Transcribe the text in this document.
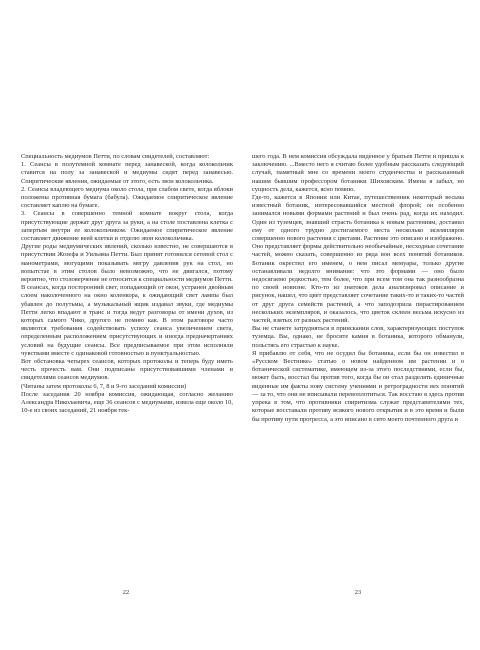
Специальность медиумов Петти, по словам свидетелей, составляют:
1. Сеансы в полутемной комнате перед занавеской, когда колокольчик ставится на полу за занавеской и медиумы сидят перед занавесью. Спиритические явления, ожидаемые от этого, есть звон колокольчика.
2. Сеансы владеющего медиума около стола, при слабом свете, когда яблоки положены противная бумага (бабула). Ожидаемое спиритическое явление составляет каплю на бумаге.
3. Сеансы в совершенно темной комнате вокруг стола, когда присутствующие держат друг друга за руки, а на столе поставлена клетка с запертым внутри ее колокольчиком. Ожидаемое спиритическое явление составляет движение веей клетки и отделю звон колокольчика.
Другие роды медиумических явлений, сколько известно, не совершаются в присутствии Жозефа и Уильяма Петти. Был принят готовился сетевой стол с манометрами, могущими показывать мегру давления рук на стол, но вопытстае в этим столов было невозможно, что не двигался, потому вероятно, что столоверчение не относится к специальности медиумов Петти.
В сеансах, когда посторонний свет, попадающий от окон, устранен двойным слоем наколоченного на окно коленкора, к ожидающий свет лампы был убавлен до полутьмы, а музыкальный ящик издавал звуки, где медиумы Петти легко впадают в транс и тогда ведут разговоры от имени духов, из которых самого Чико, другого не помню как. В этом разговоре часто являются требования содействовать успеху сеанса увеличением света, определенным расположением присутствующих и иногда предначертаниях условий на будущие сеансы. Все предписываемое при этом исполняли чувствами вместе с одинаковой готовностью и пунктуальностью.
Вот обстановка четырех сеансов, которых протоколы и теперь буду иметь честь прочесть вам. Они подписаны присутствовавшими членами и свидетелями сеансов медиумов.
(Читаны затем протоколы 6, 7, 8 и 9-го заседаний комиссии)
После заседания 20 ноября комиссия, ожидающая, согласно желанию Александра Николаевича, еще 36 сеансов с медиумами, извела еще около 10, 10-е из своих заседаний, 21 ноября тек-
шего года. В нем комиссия обсуждала виденное у братьев Петти и пришла к заключению. ...Вместо него я считаю более удобным рассказать следующий случай, памятный мне со времени моего студенчества и рассказанный нашим бывшим профессором ботаники Шиховским. Имена я забыл, но сущность дела, кажется, ясно помню.
Где-то, кажется в Японии или Китае, путешественник некоторый весьма известный ботаник, интересовавшийся местной флорой; он особенно занимался новыми формами растений и был очень рад, когда их находил. Один из туземцев, знавший страсть ботаника к новым растениям, доставил ему от одного трудно достигаемого места несколько экземпляров совершенно нового растения с цветами. Растение это описано и изображено. Оно представляет формы действительно необычайные, несходные сочетание частей, можно сказать, совершенно из ряда вон всех понятий ботаников. Ботаник окрестил его именем, о нем писал мемуары, только другие останавливали недолго внимание: что это формами — оно было недосягаемо редкостью, тем более, что при всем том она так разнообразна по своей новизне. Кто-то из знатоков дела анализировал описание и рисунок, нашел, что цвет представляет сочетание таких-то и таких-то частей от друг друга семейств растений, а что заподозрила пирастированием нескольких экземпляров, и оказалось, что цветок склеен весьма искусно из частей, взятых от разных растений.
Вы не станете затрудняться в приискании слов, характеризующих поступок туземца. Вы, однако, не бросите камня в ботаника, которого обманули, польстясь его страстью к науке.
Я прибавлю от себя, что не осудил бы ботаника, если бы он известил в «Русском Вестнике» статью о новом найденном им растении и о ботанической систематике, имеющем из-за этого последствиями, если бы, может быть, восстал бы против того, когда бы он стал разделять единичные виденные им факты нову систему учениями и ретроградности вех понятий — за то, что они не вписывали перевоплотиться. Так восстаю я здесь против упрека в том, что противники спиритизма служат представителями тех, которые восставали противу всякого нового открытия и в это время и были бы противу пути прогресса, а это вписано в сито моего почтенного друга и
22	23
